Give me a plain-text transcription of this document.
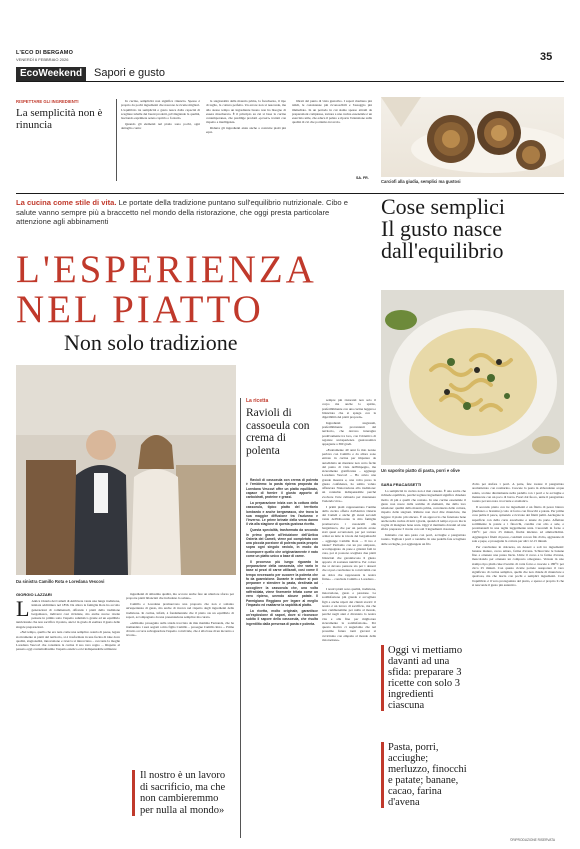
L'ECO DI BERGAMO
VENERDÌ 6 FEBBRAIO 2026	35
EcoWeekend	Sapori e gusto
RISPETTARE GLI INGREDIENTI
La semplicità non è rinuncia

In cucina, semplicità non significa rinuncia. Spesso è proprio da pochi ingredienti che nascono le ricette migliori. L'equilibrio tra semplicità e gusto nasce dalla capacità di scegliere tabelle dei buoni prodotti, privilegiando la qualità, lasciando esprimere senza coprirlo o forzarlo.

Quando gli elementi nel piatto sono pochi, ogni dettaglio conta:

la stagionalità della materia prima, la freschezza, il tipo di taglio, la cottura perfetta. Un errore non si nasconde, ma allo stesso tempo un ingrediente buono non ha bisogno di essere mascherato. È il principio su cui si basa la cucina contemporanea, che predilige prodotti «poveri» trattati con rispetto e intelligenza.

Ridurre gli ingredienti aiuta anche a costruire piatti più equi-

librati dal punto di vista gustativo. I sapori risultano più nitidi, le consistenze più riconoscibili e l'assaggio più immediato. In un periodo in cui siamo spesso attratti da preparazioni complesse, tornare a una cucina essenziale è un esercizio utile, che educa il palato e riporta l'attenzione sulla qualità di ciò che portiamo in tavola.

SA. FR.
Carciofi alla giudia, semplici ma gustosi
La cucina come stile di vita. Le portate della tradizione puntano sull'equilibrio nutrizionale. Cibo e salute vanno sempre più a braccetto nel mondo della ristorazione, che oggi presta particolare attenzione agli abbinamenti
Cose semplici
Il gusto nasce
dall'equilibrio
L'ESPERIENZA
NEL PIATTO
Non solo tradizione
Un saporito piatto di pasta, porri e olive
Da sinistra Camillo Rota e Loredana Vescovi
La ricetta
Ravioli di cassoeula con crema di polenta

Ravioli di cassoeula con crema di polenta è l'emblema: la pasta ripiena proposta da Loredana Vescovi offre un piatto equilibrato, capace di fornire il giusto apporto di carboidrati, proteine e grassi.

La preparazione inizia con la cottura della cassoeula, tipico piatto del territorio lombardo e anche bergamasco, che trova la sua maggior diffusione tra l'autunno e l'inverno. Le prime brinate della verza danno il via alla stagione di questa gustosa ricetta.

Questa specialità, trasformata da secondo in primo grazie all'intuizione dell'Antica Osteria dei Camelì, viene poi completata con una piccola porzione di polenta posta proprio sopra ogni singolo raviolo, in modo da ricomporre quello che originariamente è nato come un piatto unico a base di carne.

Il processo più lungo riguarda la preparazione della cassoeula, che varia in base ai pezzi di carne utilizzati, così come il tempo necessario per cuocere la polenta che fa da guarnizione. Durante le cotture si può preparare e stendere la pasta, destinata ad accogliere la cassoeula che, una volta raffreddata, viene finemente tritata come un vero ripieno, unendo alcune patate. Il Parmigiano Reggiano per legare al meglio l'impasto ed esaltarne la sapidità al piatto.

La ricetta, molto originale, garantisce un'esplosione di sapori, dove si riconosce subito il sapore della cassoeula, che risulta ingentilito dalla presenza di pasta e polenta.

sempre più ristoranti non solo il corpo ma anche lo spirito, preferibilmente con una cucina leggera e bilanciata che si spiega con la digeribilità dei piatti proposti».

Ingredienti stagionali, preferibilmente provenienti dal territorio, che devono interagire positivamente tra loro, con l'obiettivo di regalare un'esperienza gastronomica appagante a 360 gradi.

«Esattamente 40 anni fa mio nonno parlava con Camillo e da allora sono entrato in cucina per imparare da autodidatta un mestiere non certo facile dal punto di vista dell'impegno, ma sicuramente gratificante – aggiunge Loredana Vescovi –. Ho avuto una grande maestra e, una volta preso la giusta confidenza, ho subito voluto affiancare l'innovazione alla tradizione: un connubio indispensabile perché evolvere l'arte culinaria per mantenere l'azienda viva».

I primi piatti rappresentano l'anima della cucina offerta dall'Antica Osteria dei Camelì e anche gli stessi secondi vanta dell'Ottocento la mia famiglia promuoveva i casoncelli alla bergamasca, che per un periodo erano stati quasi accantonati, per poi tornare ormai su tutte le tavole dei bergamaschi – aggiunge Camillo Rota –. Il tuo è ideale? Partiamo con un pre antipasto, accompagnato da pane e grissini fatti in casa, poi si possono scegliere due piatti bilanciati che garantiscono il giusto apporto di sostanze nutritive. Per colore ma si devono pensare sia per i dessert che si può concludere la convivialità con un dolce che rappresenta la nostra firma» – conclude Camillo e Loredana – .

I nostri piatti sono qualità, tradizione, innovazione, gusto e passione. La soddisfazione più grande è accogliere figli e anche nipoti dei clienti storici: il nostro è un lavoro di sacrificio, ma che non cambieremmo per nulla al mondo, perché negli anni è diventato la nostra vita e alla fine per migliorare sicuramente le soddisfazioni». Per questo motivo ci auguriamo che nel prossimo futuro tanti giovani si avvicinino con empatia al mondo della ristorazione».

GIORGIO LAZZARI
L Antica Osteria dei Camelì di Ambivere vanta una lunga tradizione, iniziata addirittura nel 1856. Da allora la famiglia Rota ha accolto generazioni di commensali, offrendo i piatti della tradizione bergamasca, indiversi casi rivisitate, ma anche nuove ricette pensate in primis sotto l'aspetto salutistico grazie ad un equilibrio nutrizionale che non sacrifica il palato, anzi è in grado di esaltare il gusto delle singole preparazioni.

«Nel tempo, quella che era nata come una semplice osteria di paese, legata storicamente ai piatti del territorio, si è trasformata in una fucina di idee dove qualità, stagionalità, innovazione e ricerca si intrecciano – racconta la moglie Loredana Vescovi che considera la cucina il suo vero regno –. Rispetto al passato oggi contamoltissimo l'aspetto estetico ed è indispensabile utilizzare

ingredienti di altissima qualità, ma occorre anche fare un ulteriore sforzo per proporre piatti bilanciati che includano la salute».

Camillo e Loredana promuovono una proposta che non è soltanto un'esperienza di gusto, ma anche di ricerca nel rispetto degli ingredienti della tradizione. In cucina, infatti, è fondamentale che il piatto sia un equilibrio di sapori, accompagnato da una presentazione semplice ma curata.

«Abbiamo proseguito sulla strada tracciata da mia mamma Fernanda, che ha tramandato i suoi segreti a mio figlio Camillo – prosegue Camillo Rota –. Prima di tutto occorre salvaguardare l'aspetto conviviale, che è alla base di un incontro a tavola».

Il nostro è un lavoro di sacrificio, ma che non cambieremmo per nulla al mondo»
SARA FRACASSETTI

La semplicità in cucina non è mai casuale. È una scelta che richiede equilibrio, perché togliere ingredienti significa chiedere molto di più a quelli che restano. In una cucina essenziale il gusto non nasce dalla somma di elementi, ma dalla loro relazione: qualità della materia prima, correttezza delle cotture, rispetto delle stagioni. Ridurre non vuol dire rinunciare, ma leggere il piatto più sincero. È un approccio che funziona bene anche nella cucina di tutti i giorni, quando il tempo è poco ma la voglia di mangiare bene resta. Oggi vi mettiamo davanti ad una sfida: preparare 3 ricette con soli 3 ingredienti ciascuna.

Iniziamo con una pasta con porri, acciughe e pangrattato tostato. Tagliate i porri a rondelle. In una padella fate sciogliere delle acciughe, poi aggiungete un filo

Oggi vi mettiamo davanti ad una sfida: preparare 3 ricette con solo 3 ingredienti ciascuna
Pasta, porri, acciughe; merluzzo, finocchi e patate; banane, cacao, farina d'avena

d'olio per stufare i porri. A parte, fate tostare il pangrattato aromatizzato con rosmarino. Cuocete la pasta in abbondante acqua salata, scolate direttamente nella padella con i porri e le acciughe e mantecate con un poco di burro. Fuori dal fuoco, unite il pangrattato tostato per una nota croccante e aromatica.

Il secondo piatto con tre ingredienti è un filetto di pesce bianco (merluzzo o branzino) cotto al forno con finocchi e patate. Per prima cosa pulite il pesce, spinatelo e ricavate dei filetti puliti. Asciugate la superficie con della carta assorbente e tenete da parte. Affettate sottilmente le patate e i finocchi, condite con olio e sale, e posizionateli in una teglia leggermente unta. Cuoceteli in forno a 190°C per circa 25 minuti, finché iniziano ad ammorbidirsi. Aggiungete i filetti di pesce, conditeli con un filo d'olio, aggiustate di sale e pepe, e proseguite la cottura per altri 12-15 minuti.

Per concludere in dolcezza, un dessert a soli tre ingredienti: banane mature, cacao amaro, farina d'avena. Schiacciate le banane fino a ottenere una purea liscia. Unite il cacao e la farina d'avena, mescolando per ottenere un composto omogeneo. Versate in uno stampo tipo plum cake rivestito di carta forno e cuocete a 180°C per circa 25 minuti. Con questo ricette potrete assaporare il vero significato di cucina semplice, quella che non chiede di rinunciare a qualcosa, ma che lascia con pochi e semplici ingredienti. Così l'equilibrio è il vero protagonista del piatto, e spesso è proprio lì che si nasconde il gusto più autentico.

©RIPRODUZIONE RISERVATA
